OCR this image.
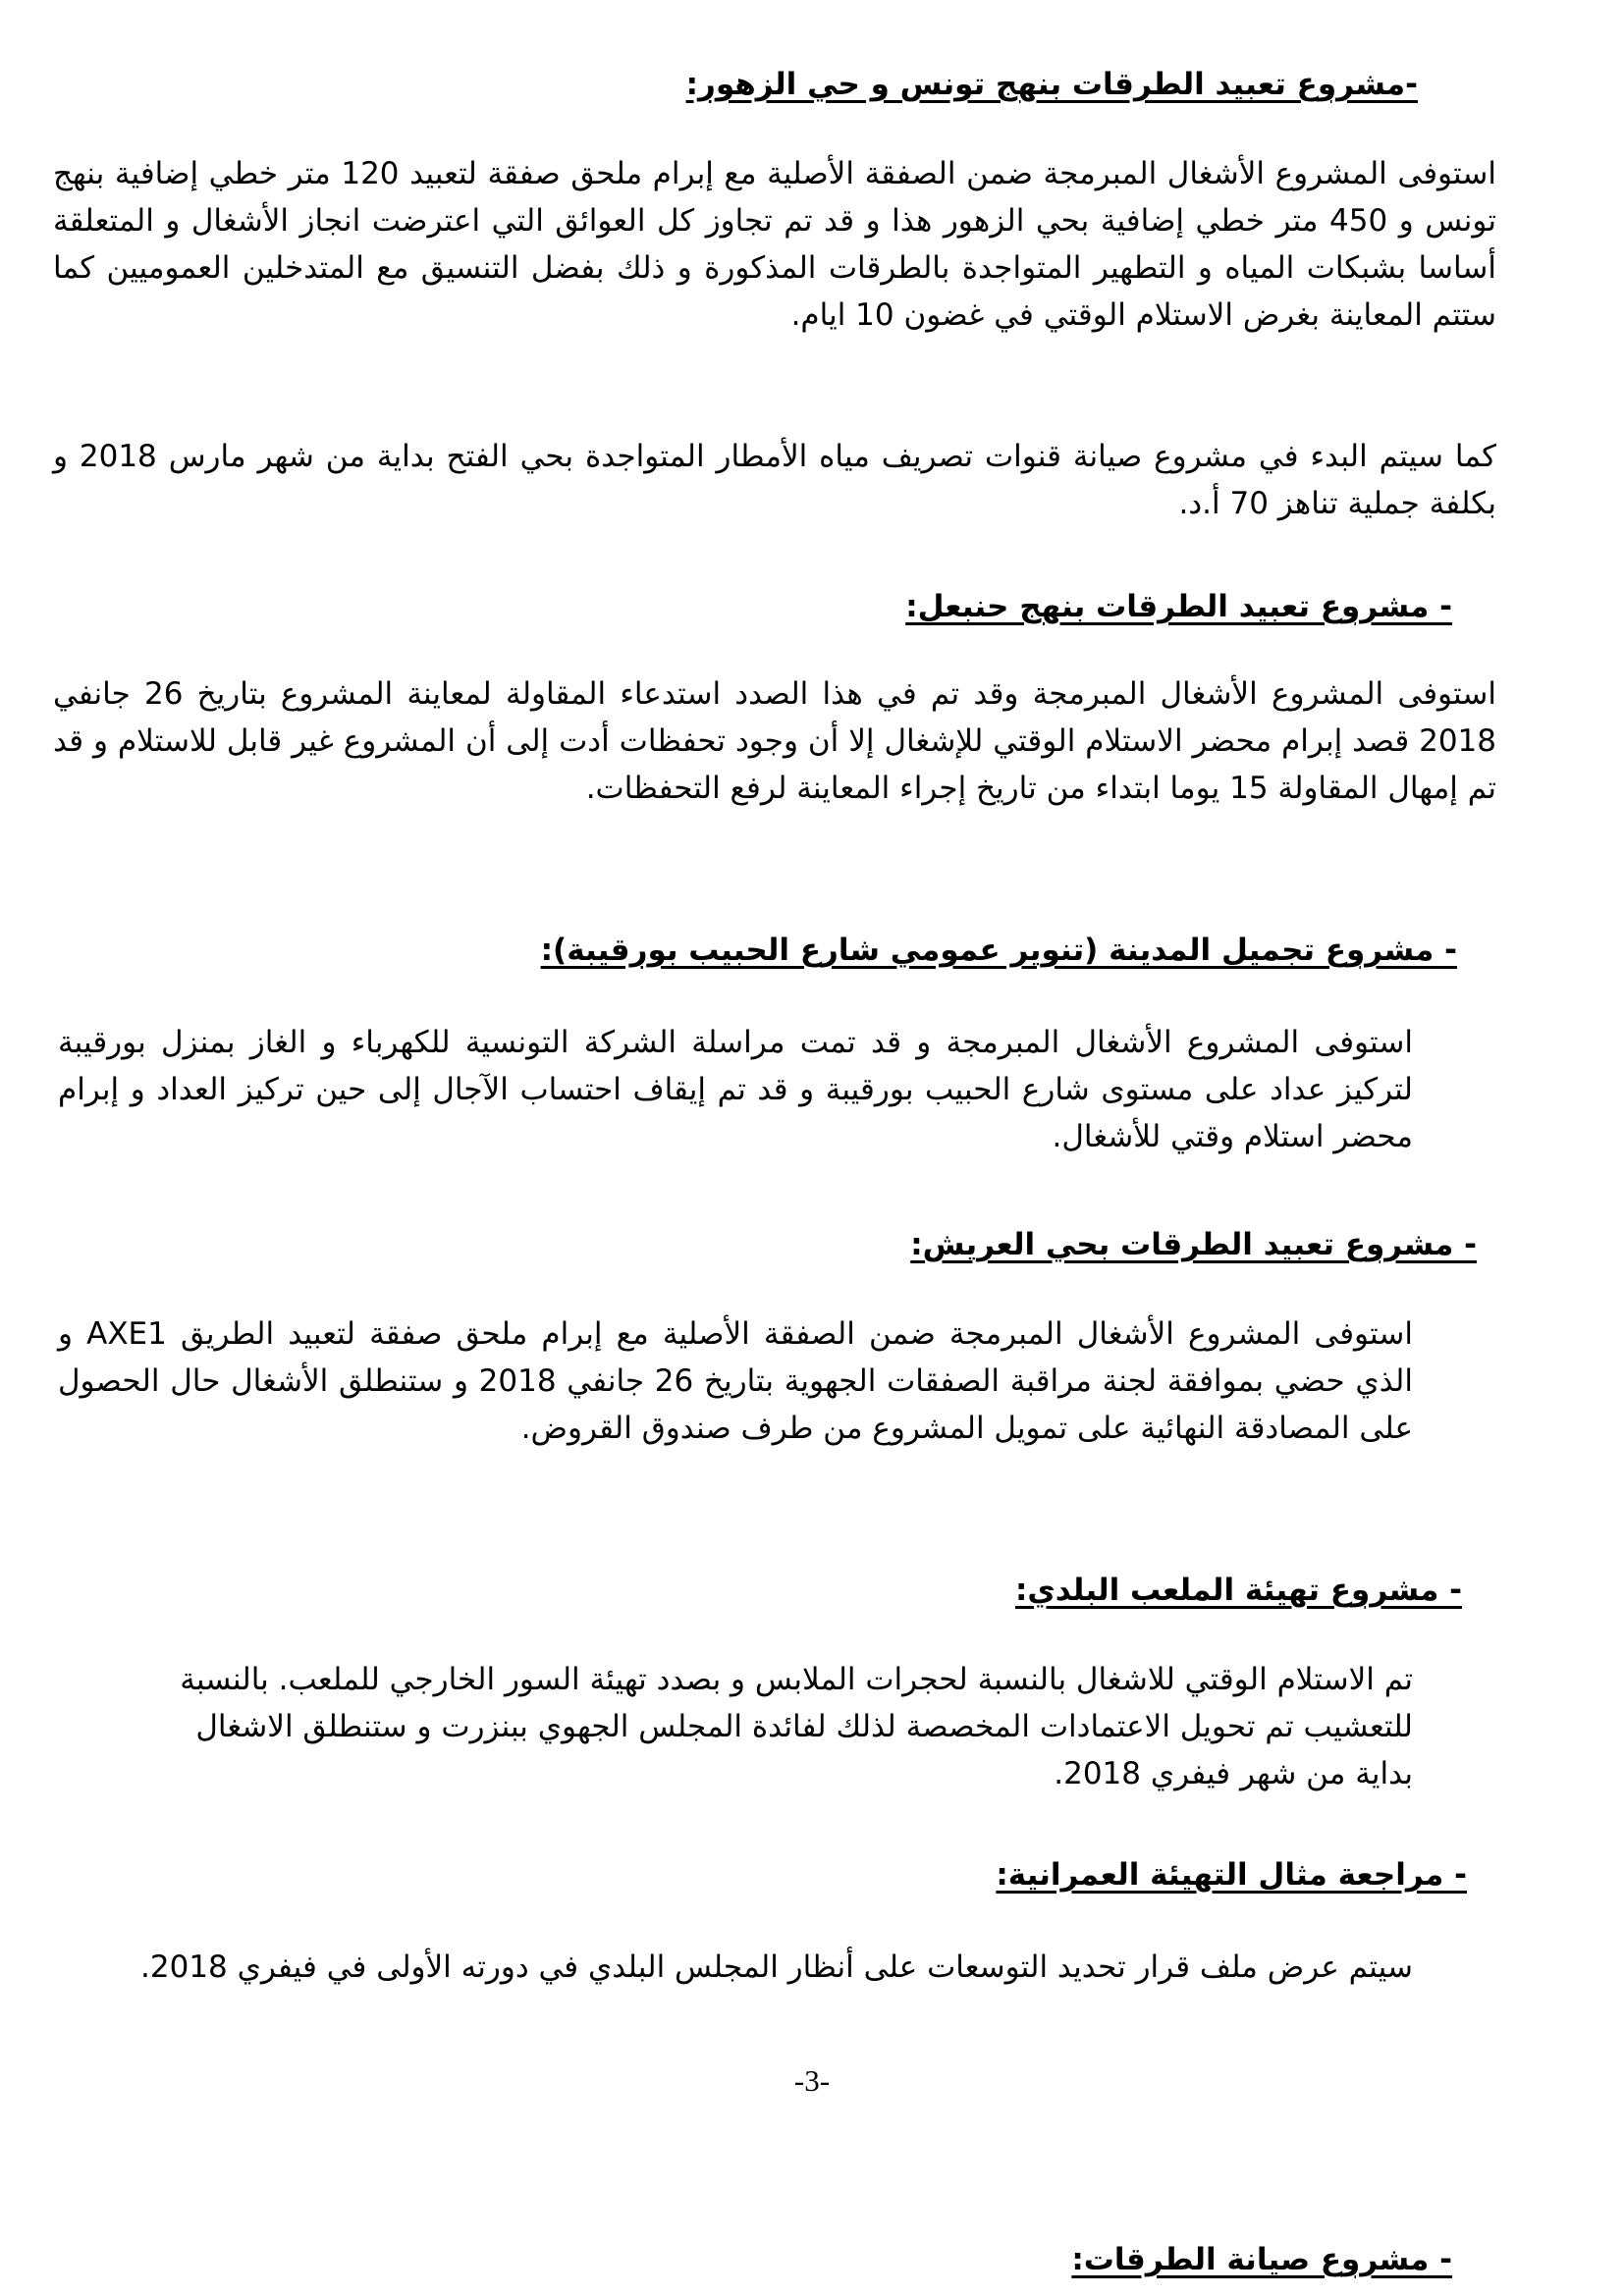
-مشروع تعبيد الطرقات بنهج تونس و حي الزهور:

استوفى المشروع الأشغال المبرمجة ضمن الصفقة الأصلية مع إبرام ملحق صفقة لتعبيد 120 متر خطي إضافية بنهج تونس و 450 متر خطي إضافية بحي الزهور هذا و قد تم تجاوز كل العوائق التي اعترضت انجاز الأشغال و المتعلقة أساسا بشبكات المياه و التطهير المتواجدة بالطرقات المذكورة و ذلك بفضل التنسيق مع المتدخلين العموميين كما ستتم المعاينة بغرض الاستلام الوقتي في غضون 10 ايام.

كما سيتم البدء في مشروع صيانة قنوات تصريف مياه الأمطار المتواجدة بحي الفتح بداية من شهر مارس 2018 و بكلفة جملية تناهز 70 أ.د.

- مشروع تعبيد الطرقات بنهج حنبعل:

استوفى المشروع الأشغال المبرمجة وقد تم في هذا الصدد استدعاء المقاولة لمعاينة المشروع بتاريخ 26 جانفي 2018 قصد إبرام محضر الاستلام الوقتي للإشغال إلا أن وجود تحفظات أدت إلى أن المشروع غير قابل للاستلام و قد تم إمهال المقاولة 15 يوما ابتداء من تاريخ إجراء المعاينة لرفع التحفظات.

- مشروع تجميل المدينة (تنوير عمومي شارع الحبيب بورقيبة):

استوفى المشروع الأشغال المبرمجة و قد تمت مراسلة الشركة التونسية للكهرباء و الغاز بمنزل بورقيبة لتركيز عداد على مستوى شارع الحبيب بورقيبة و قد تم إيقاف احتساب الآجال إلى حين تركيز العداد و إبرام محضر استلام وقتي للأشغال.

- مشروع تعبيد الطرقات بحي العريش:

استوفى المشروع الأشغال المبرمجة ضمن الصفقة الأصلية مع إبرام ملحق صفقة لتعبيد الطريق AXE1 و الذي حضي بموافقة لجنة مراقبة الصفقات الجهوية بتاريخ 26 جانفي 2018 و ستنطلق الأشغال حال الحصول على المصادقة النهائية على تمويل المشروع من طرف صندوق القروض.

- مشروع تهيئة الملعب البلدي:

تم الاستلام الوقتي للاشغال بالنسبة لحجرات الملابس و بصدد تهيئة السور الخارجي للملعب. بالنسبة للتعشيب تم تحويل الاعتمادات المخصصة لذلك لفائدة المجلس الجهوي ببنزرت و ستنطلق الاشغال بداية من شهر فيفري 2018.

- مراجعة مثال التهيئة العمرانية:

سيتم عرض ملف قرار تحديد التوسعات على أنظار المجلس البلدي في دورته الأولى في فيفري 2018.

-3-
- مشروع صيانة الطرقات:
